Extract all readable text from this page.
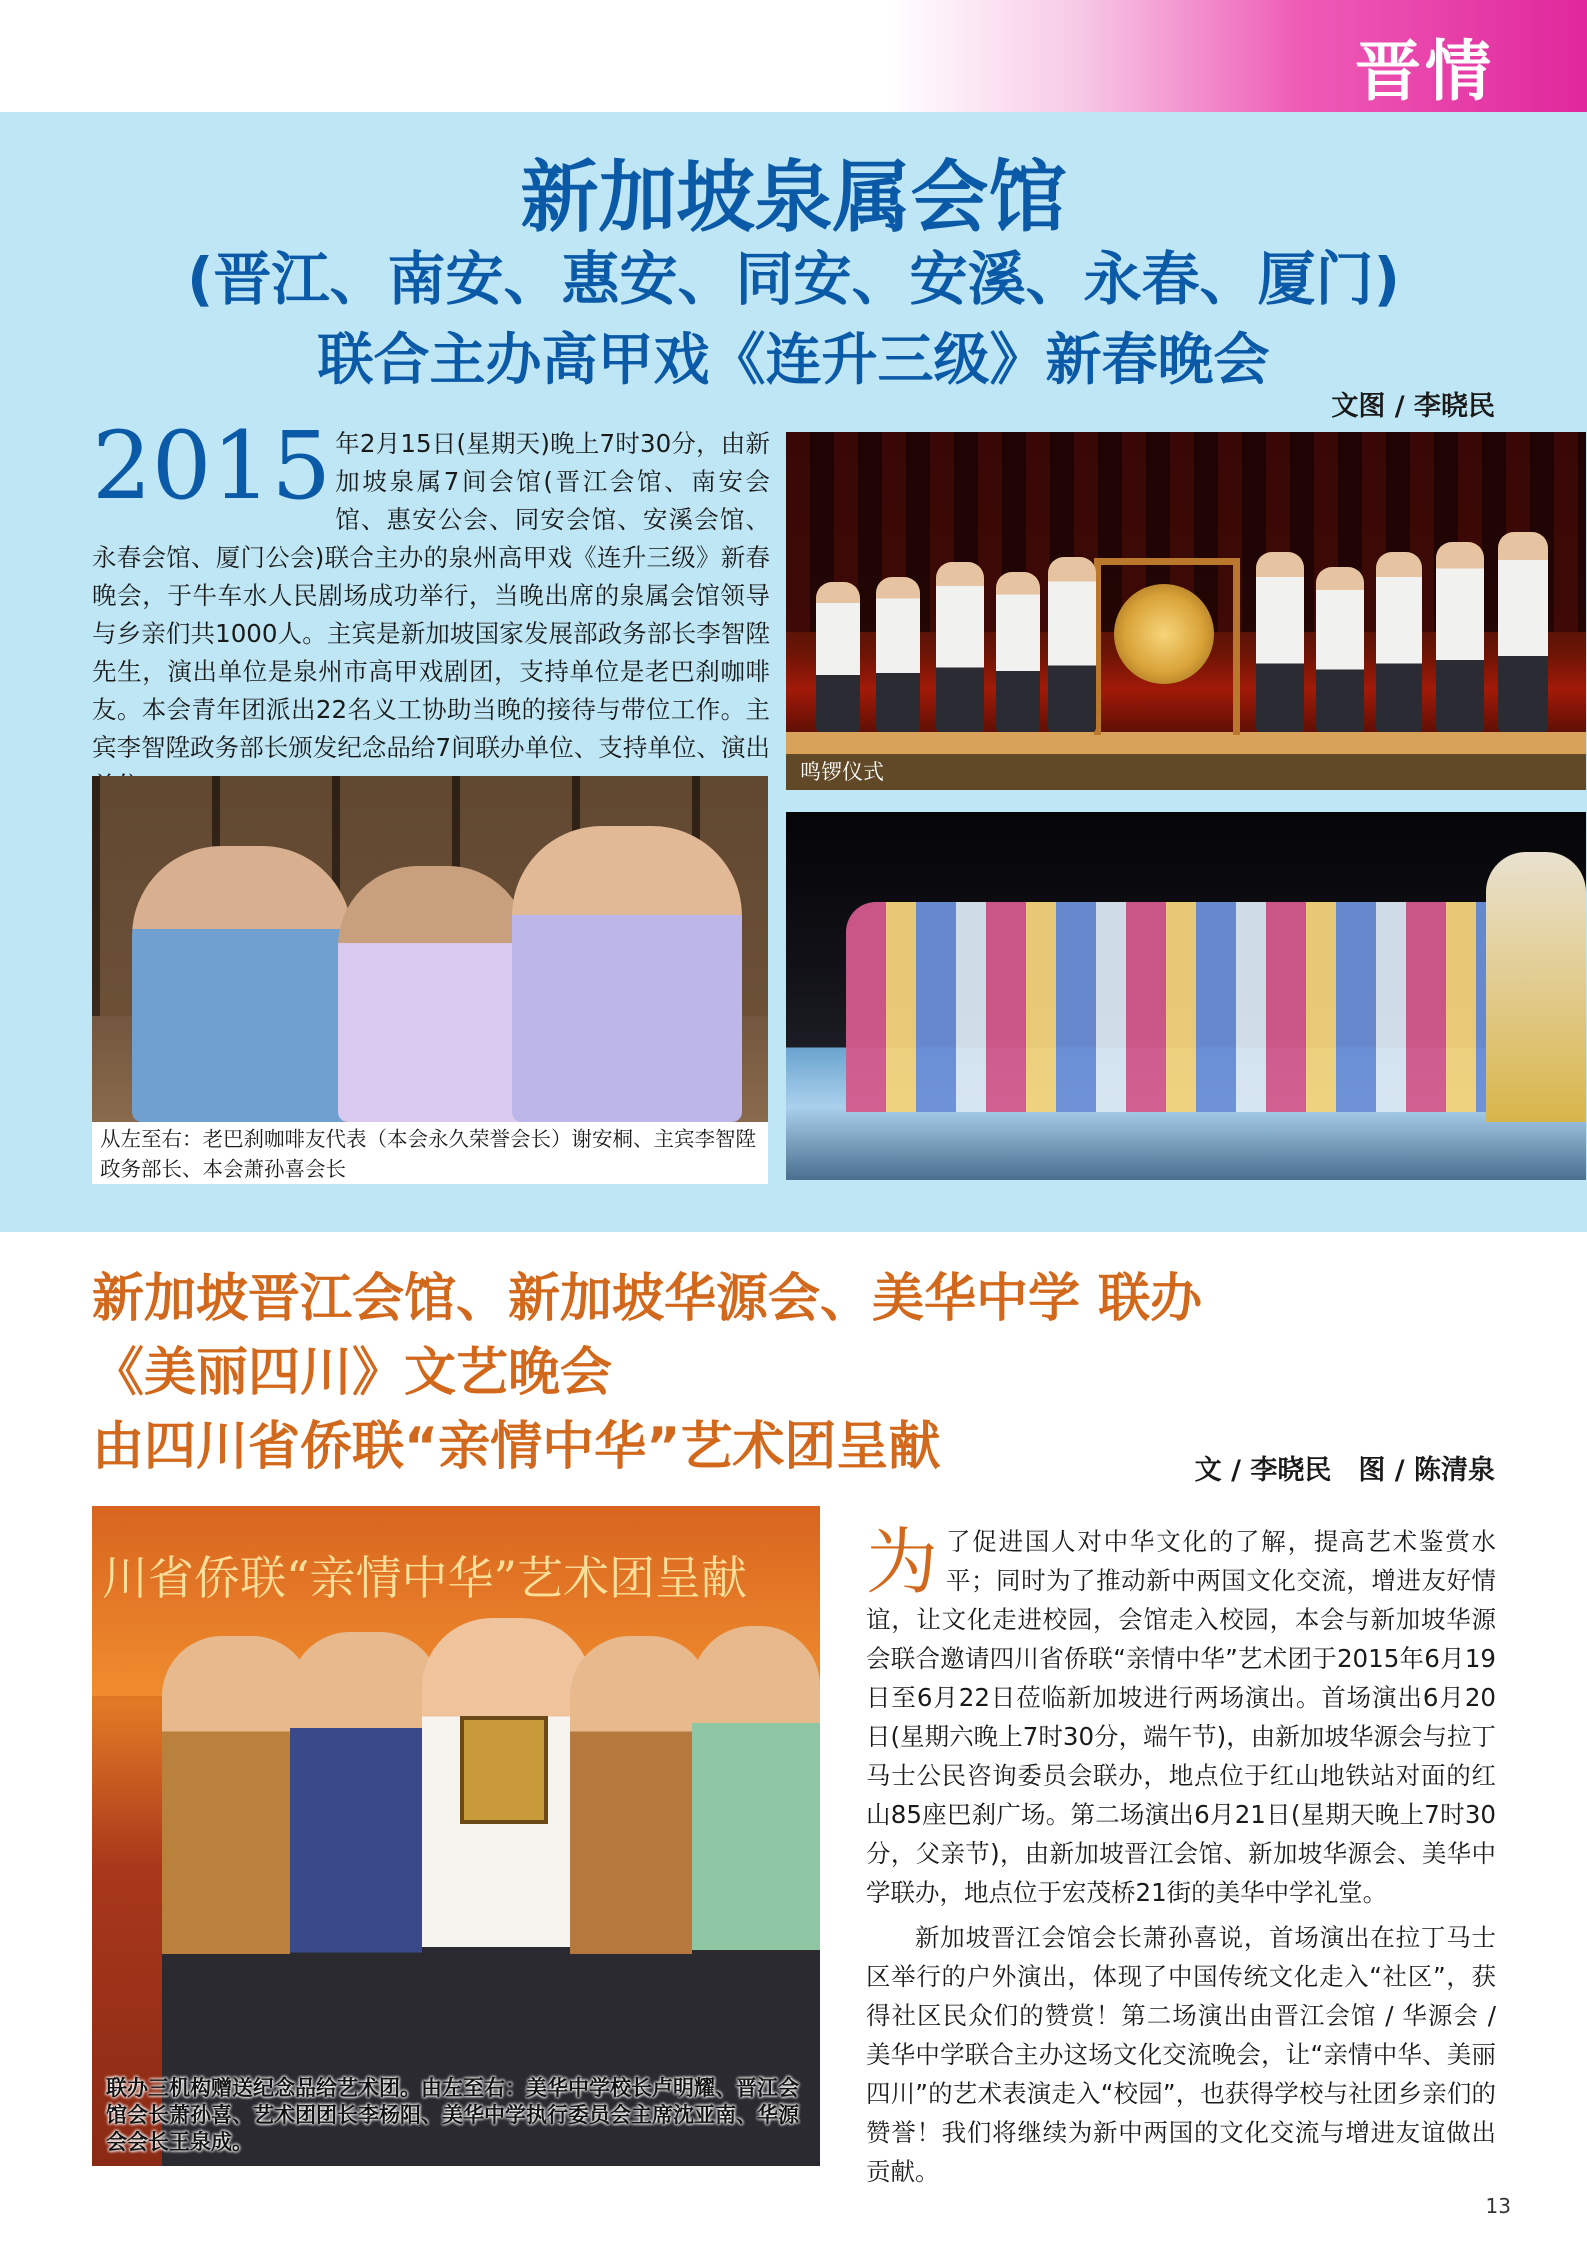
晋情
新加坡泉属会馆
(晋江、南安、惠安、同安、安溪、永春、厦门)
联合主办高甲戏《连升三级》新春晚会
文图 / 李晓民
2015 年2月15日(星期天)晚上7时30分，由新加坡泉属7间会馆(晋江会馆、南安会馆、惠安公会、同安会馆、安溪会馆、永春会馆、厦门公会)联合主办的泉州高甲戏《连升三级》新春晚会，于牛车水人民剧场成功举行，当晚出席的泉属会馆领导与乡亲们共1000人。主宾是新加坡国家发展部政务部长李智陞先生，演出单位是泉州市高甲戏剧团，支持单位是老巴刹咖啡友。本会青年团派出22名义工协助当晚的接待与带位工作。主宾李智陞政务部长颁发纪念品给7间联办单位、支持单位、演出
鸣锣仪式
从左至右：老巴刹咖啡友代表（本会永久荣誉会长）谢安桐、主宾李智陞政务部长、本会萧孙喜会长
新加坡晋江会馆、新加坡华源会、美华中学 联办
《美丽四川》文艺晚会
由四川省侨联“亲情中华”艺术团呈献	文 / 李晓民　图 / 陈清泉
川省侨联“亲情中华”艺术团呈献
联办三机构赠送纪念品给艺术团。由左至右：美华中学校长卢明耀、晋江会馆会长萧孙喜、艺术团团长李杨阳、美华中学执行委员会主席沈亚南、华源会会长王泉成。

为了促进国人对中华文化的了解，提高艺术鉴赏水平；同时为了推动新中两国文化交流，增进友好情谊，让文化走进校园，会馆走入校园，本会与新加坡华源会联合邀请四川省侨联“亲情中华”艺术团于2015年6月19日至6月22日莅临新加坡进行两场演出。首场演出6月20日(星期六晚上7时30分，端午节)，由新加坡华源会与拉丁马士公民咨询委员会联办，地点位于红山地铁站对面的红山85座巴刹广场。第二场演出6月21日(星期天晚上7时30分，父亲节)，由新加坡晋江会馆、新加坡华源会、美华中学联办，地点位于宏茂桥21街的美华中学礼堂。

新加坡晋江会馆会长萧孙喜说，首场演出在拉丁马士区举行的户外演出，体现了中国传统文化走入“社区”，获得社区民众们的赞赏！第二场演出由晋江会馆 / 华源会 / 美华中学联合主办这场文化交流晚会，让“亲情中华、美丽四川”的艺术表演走入“校园”，也获得学校与社团乡亲们的赞誉！我们将继续为新中两国的文化交流与增进友谊做出贡献。

13
